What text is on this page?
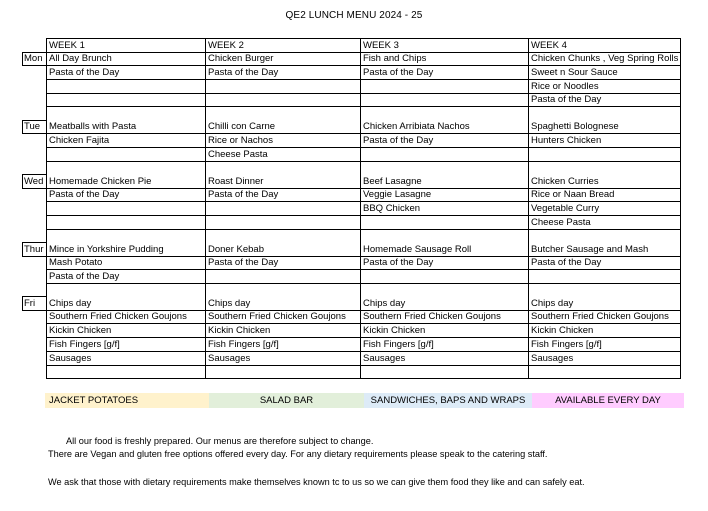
QE2 LUNCH MENU 2024 - 25
	WEEK 1	WEEK 2	WEEK 3	WEEK 4
Mon	All Day Brunch	Chicken Burger	Fish and Chips	Chicken Chunks , Veg Spring Rolls
	Pasta of the Day	Pasta of the Day	Pasta of the Day	Sweet n Sour Sauce
				Rice or Noodles
				Pasta of the Day

Tue	Meatballs with Pasta	Chilli con Carne	Chicken Arribiata Nachos	Spaghetti Bolognese
	Chicken Fajita	Rice or Nachos	Pasta of the Day	Hunters Chicken
		Cheese Pasta		

Wed	Homemade Chicken Pie	Roast Dinner	Beef Lasagne	Chicken Curries
	Pasta of the Day	Pasta of the Day	Veggie Lasagne	Rice or Naan Bread
			BBQ Chicken	Vegetable Curry
				Cheese Pasta

Thur	Mince in Yorkshire Pudding	Doner Kebab	Homemade Sausage Roll	Butcher Sausage and Mash
	Mash Potato	Pasta of the Day	Pasta of the Day	Pasta of the Day
	Pasta of the Day			

Fri	Chips day	Chips day	Chips day	Chips day
	Southern Fried Chicken Goujons	Southern Fried Chicken Goujons	Southern Fried Chicken Goujons	Southern Fried Chicken Goujons
	Kickin Chicken	Kickin Chicken	Kickin Chicken	Kickin Chicken
	Fish Fingers [g/f]	Fish Fingers [g/f]	Fish Fingers [g/f]	Fish Fingers [g/f]
	Sausages	Sausages	Sausages	Sausages

JACKET POTATOES	SALAD BAR	SANDWICHES, BAPS AND WRAPS	AVAILABLE EVERY DAY
All our food is freshly prepared. Our menus are therefore subject to change.
There are Vegan and gluten free options offered every day. For any dietary requirements please speak to the catering staff.
We ask that those with dietary requirements make themselves known tc to us so we can give them food they like and can safely eat.
